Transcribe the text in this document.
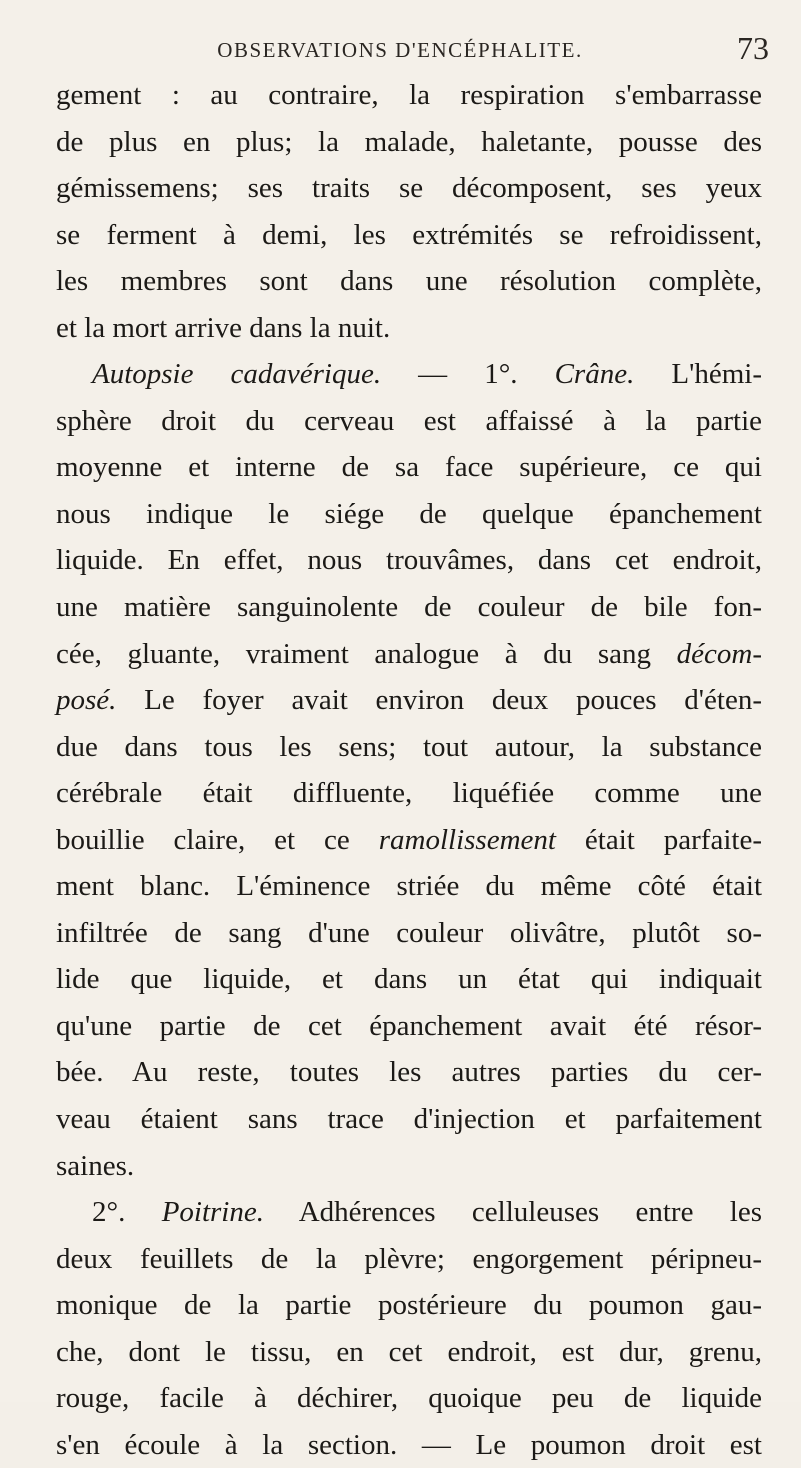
OBSERVATIONS D'ENCÉPHALITE.	73
gement : au contraire, la respiration s'embarrasse
de plus en plus; la malade, haletante, pousse des
gémissemens; ses traits se décomposent, ses yeux
se ferment à demi, les extrémités se refroidissent,
les membres sont dans une résolution complète,
et la mort arrive dans la nuit.
Autopsie cadavérique. — 1°. Crâne. L'hémi-
sphère droit du cerveau est affaissé à la partie
moyenne et interne de sa face supérieure, ce qui
nous indique le siége de quelque épanchement
liquide. En effet, nous trouvâmes, dans cet endroit,
une matière sanguinolente de couleur de bile fon-
cée, gluante, vraiment analogue à du sang décom-
posé. Le foyer avait environ deux pouces d'éten-
due dans tous les sens; tout autour, la substance
cérébrale était diffluente, liquéfiée comme une
bouillie claire, et ce ramollissement était parfaite-
ment blanc. L'éminence striée du même côté était
infiltrée de sang d'une couleur olivâtre, plutôt so-
lide que liquide, et dans un état qui indiquait
qu'une partie de cet épanchement avait été résor-
bée. Au reste, toutes les autres parties du cer-
veau étaient sans trace d'injection et parfaitement
saines.
2°. Poitrine. Adhérences celluleuses entre les
deux feuillets de la plèvre; engorgement péripneu-
monique de la partie postérieure du poumon gau-
che, dont le tissu, en cet endroit, est dur, grenu,
rouge, facile à déchirer, quoique peu de liquide
s'en écoule à la section. — Le poumon droit est
